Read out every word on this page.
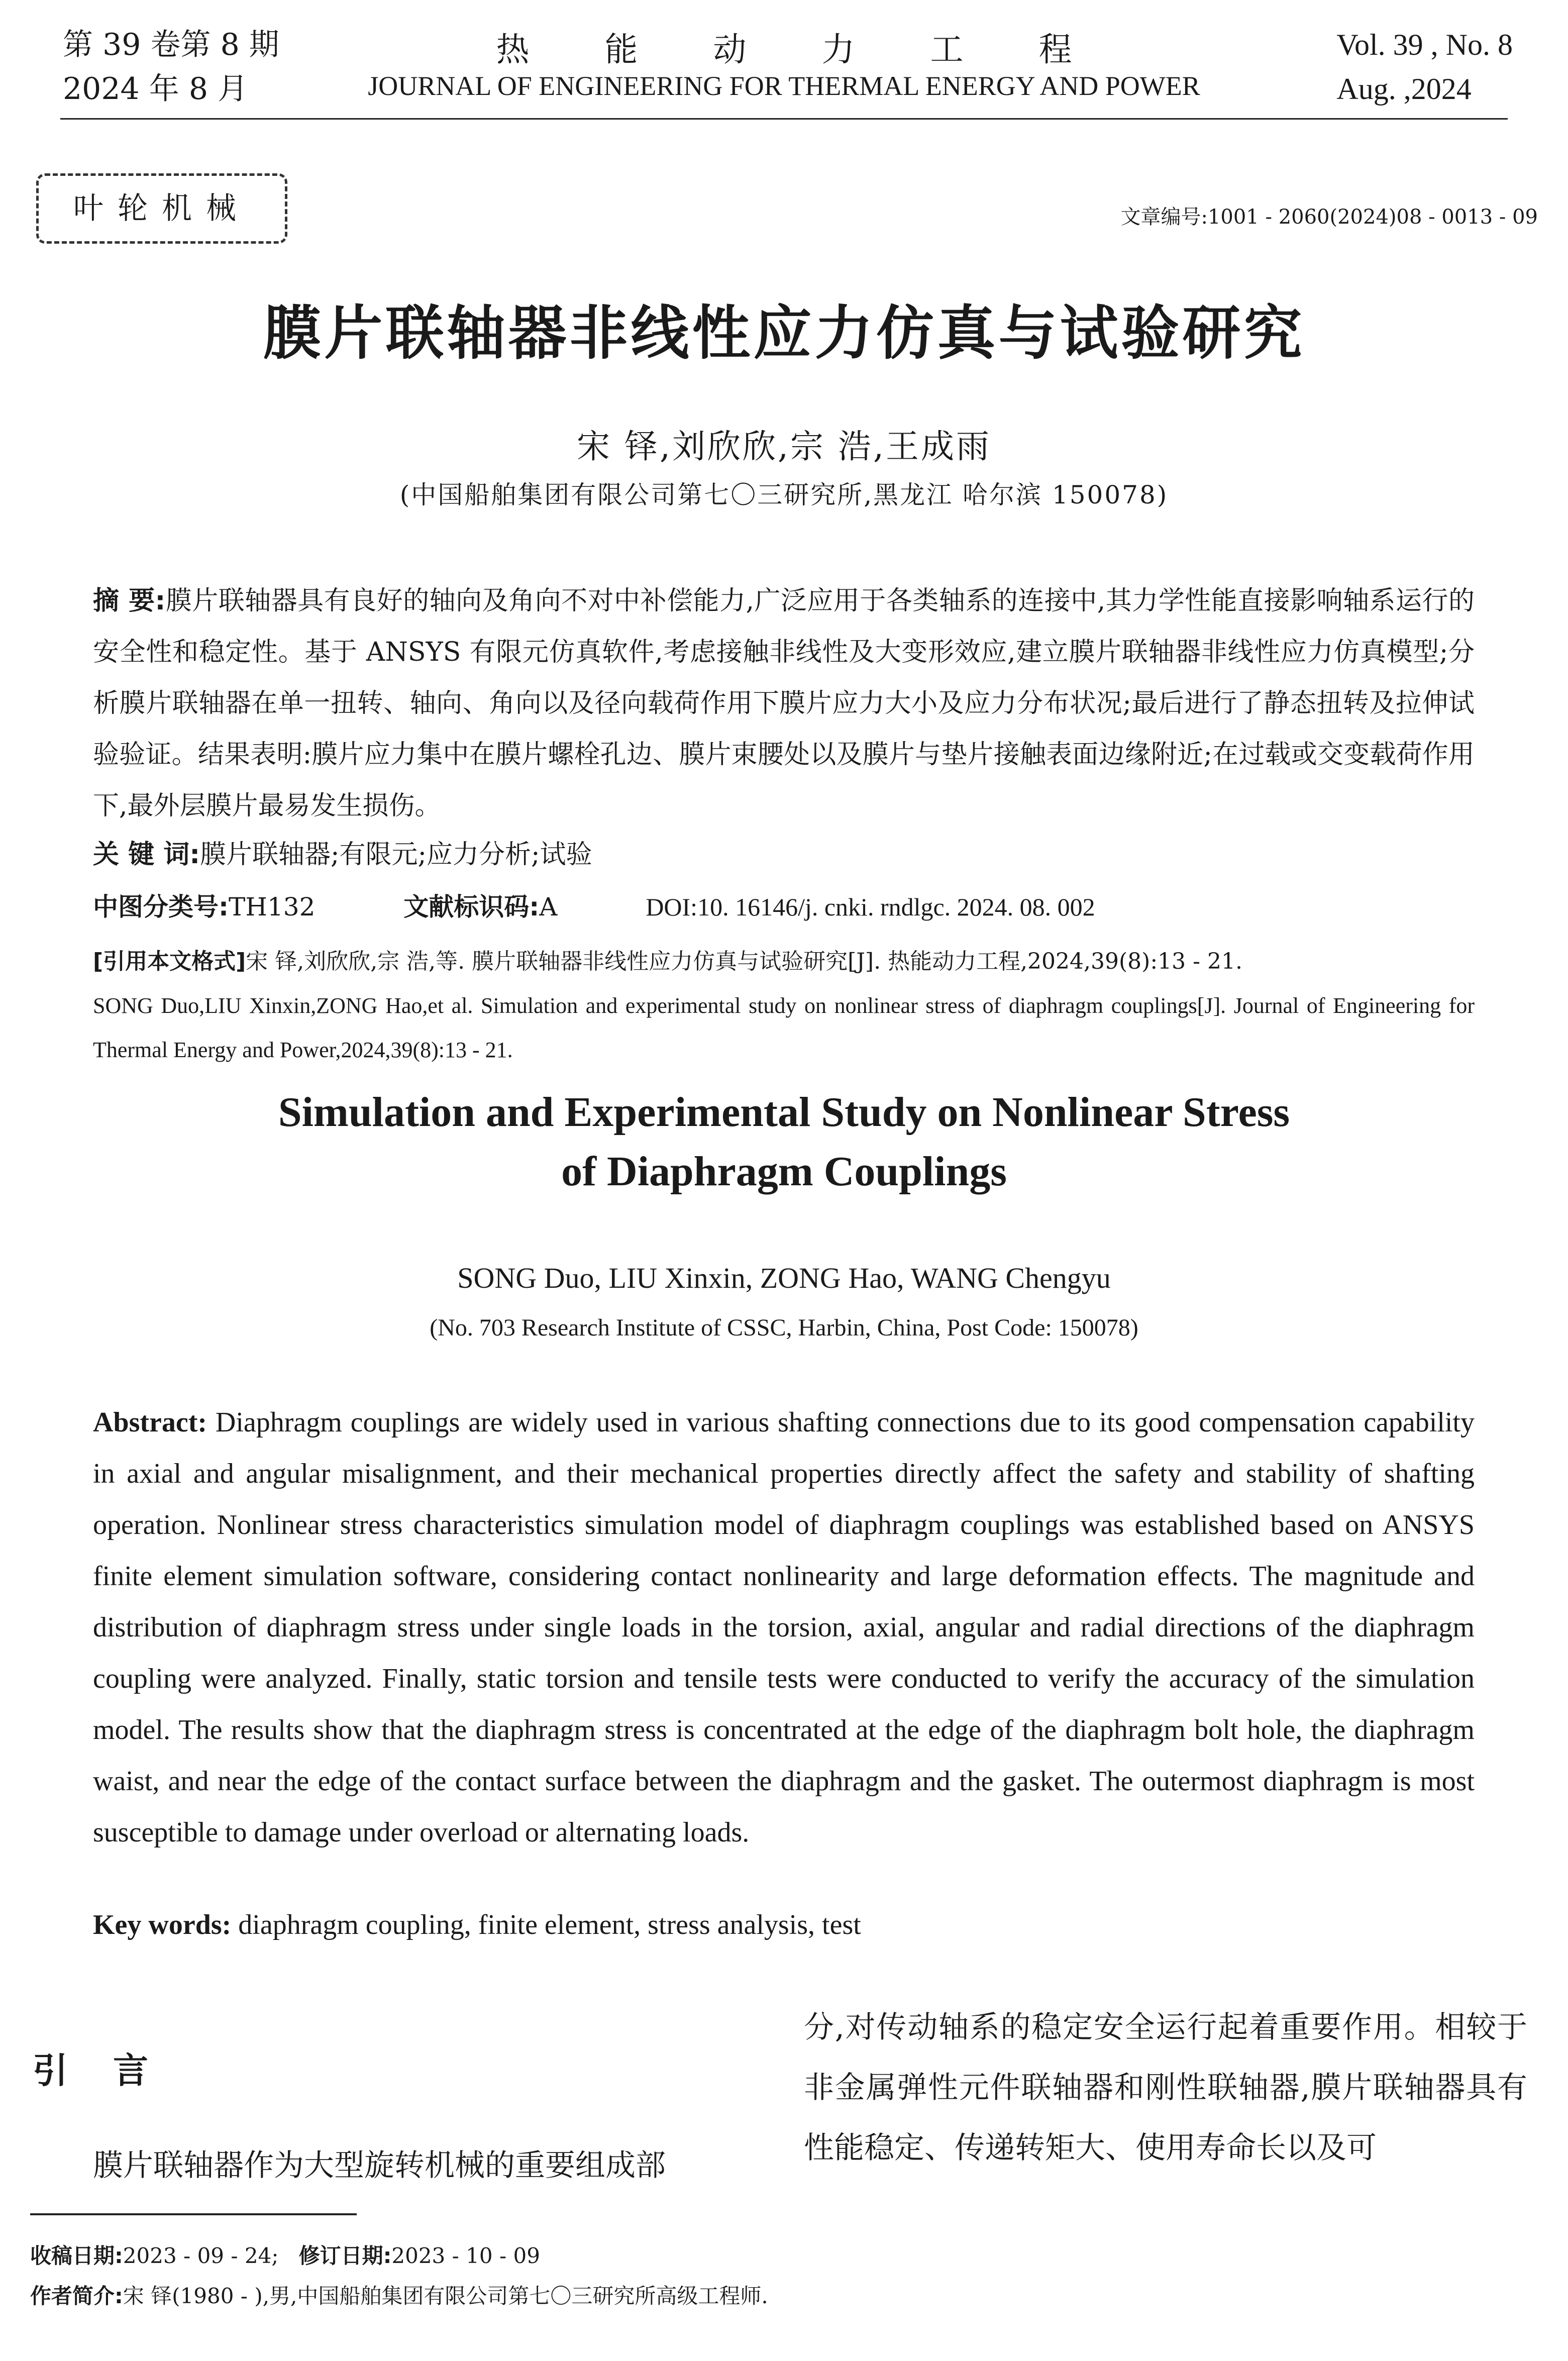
第 39 卷第 8 期
2024 年 8 月
热能动力工程
JOURNAL OF ENGINEERING FOR THERMAL ENERGY AND POWER
Vol. 39 , No. 8
Aug. ,2024
叶轮机械	文章编号:1001 - 2060(2024)08 - 0013 - 09
膜片联轴器非线性应力仿真与试验研究
宋 铎,刘欣欣,宗 浩,王成雨
(中国船舶集团有限公司第七〇三研究所,黑龙江 哈尔滨 150078)
摘 要:膜片联轴器具有良好的轴向及角向不对中补偿能力,广泛应用于各类轴系的连接中,其力学性能直接影响轴系运行的安全性和稳定性。基于 ANSYS 有限元仿真软件,考虑接触非线性及大变形效应,建立膜片联轴器非线性应力仿真模型;分析膜片联轴器在单一扭转、轴向、角向以及径向载荷作用下膜片应力大小及应力分布状况;最后进行了静态扭转及拉伸试验验证。结果表明:膜片应力集中在膜片螺栓孔边、膜片束腰处以及膜片与垫片接触表面边缘附近;在过载或交变载荷作用下,最外层膜片最易发生损伤。
关 键 词:膜片联轴器;有限元;应力分析;试验
中图分类号:TH132	文献标识码:A	DOI:10. 16146/j. cnki. rndlgc. 2024. 08. 002
[引用本文格式]宋 铎,刘欣欣,宗 浩,等. 膜片联轴器非线性应力仿真与试验研究[J]. 热能动力工程,2024,39(8):13 - 21.
SONG Duo,LIU Xinxin,ZONG Hao,et al. Simulation and experimental study on nonlinear stress of diaphragm couplings[J]. Journal of Engineering for Thermal Energy and Power,2024,39(8):13 - 21.
Simulation and Experimental Study on Nonlinear Stress
of Diaphragm Couplings
SONG Duo, LIU Xinxin, ZONG Hao, WANG Chengyu
(No. 703 Research Institute of CSSC, Harbin, China, Post Code: 150078)
Abstract: Diaphragm couplings are widely used in various shafting connections due to its good compensation capability in axial and angular misalignment, and their mechanical properties directly affect the safety and stability of shafting operation. Nonlinear stress characteristics simulation model of diaphragm couplings was established based on ANSYS finite element simulation software, considering contact nonlinearity and large deformation effects. The magnitude and distribution of diaphragm stress under single loads in the torsion, axial, angular and radial directions of the diaphragm coupling were analyzed. Finally, static torsion and tensile tests were conducted to verify the accuracy of the simulation model. The results show that the diaphragm stress is concentrated at the edge of the diaphragm bolt hole, the diaphragm waist, and near the edge of the contact surface between the diaphragm and the gasket. The outermost diaphragm is most susceptible to damage under overload or alternating loads.
Key words: diaphragm coupling, finite element, stress analysis, test
引言
膜片联轴器作为大型旋转机械的重要组成部
分,对传动轴系的稳定安全运行起着重要作用。相较于非金属弹性元件联轴器和刚性联轴器,膜片联轴器具有性能稳定、传递转矩大、使用寿命长以及可
收稿日期:2023 - 09 - 24; 修订日期:2023 - 10 - 09
作者简介:宋 铎(1980 - ),男,中国船舶集团有限公司第七〇三研究所高级工程师.
